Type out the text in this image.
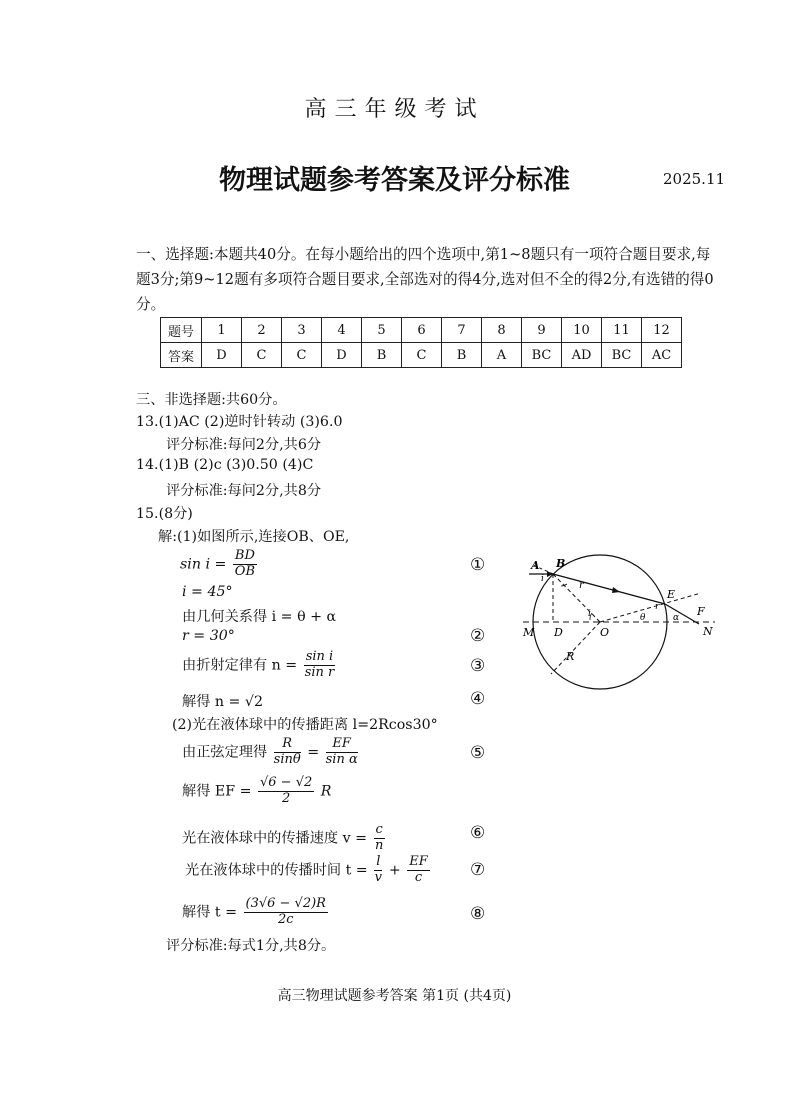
高三年级考试
物理试题参考答案及评分标准	2025.11
一、选择题:本题共40分。在每小题给出的四个选项中,第1~8题只有一项符合题目要求,每题3分;第9~12题有多项符合题目要求,全部选对的得4分,选对但不全的得2分,有选错的得0分。
题号	1	2	3	4	5	6	7	8	9	10	11	12
答案	D	C	C	D	B	C	B	A	BC	AD	BC	AC
三、非选择题:共60分。
13.(1)AC (2)逆时针转动 (3)6.0
评分标准:每问2分,共6分
14.(1)B (2)c (3)0.50 (4)C
评分标准:每问2分,共8分
15.(8分)
解:(1)如图所示,连接OB、OE,
$\sin i = \frac{BD}{OB}$	①
i = 45°
由几何关系得 i = θ + α
r = 30°	②
由折射定律有 $n = \frac{\text{sin i}}{\text{sin r}}$	③
解得 n = √2	④
(2)光在液体球中的传播距离 l=2Rcos30°
由正弦定理得 $\frac{R}{\sin\theta} = \frac{EF}{\text{sin α}}$	⑤
解得 EF = $\frac{√6 - √2}{2}$ R
光在液体球中的传播速度 $v = \frac{c}{n}$	⑥
光在液体球中的传播时间 $t = \frac{l}{v} + \frac{EF}{c}$ ⑦
解得 $t = \frac{(3√6 - √2)R}{2c}$	⑧
评分标准:每式1分,共8分。
A B
i
r
i
E
F
M D	O	N
R
θ	α
r
高三物理试题参考答案 第1页 (共4页)
